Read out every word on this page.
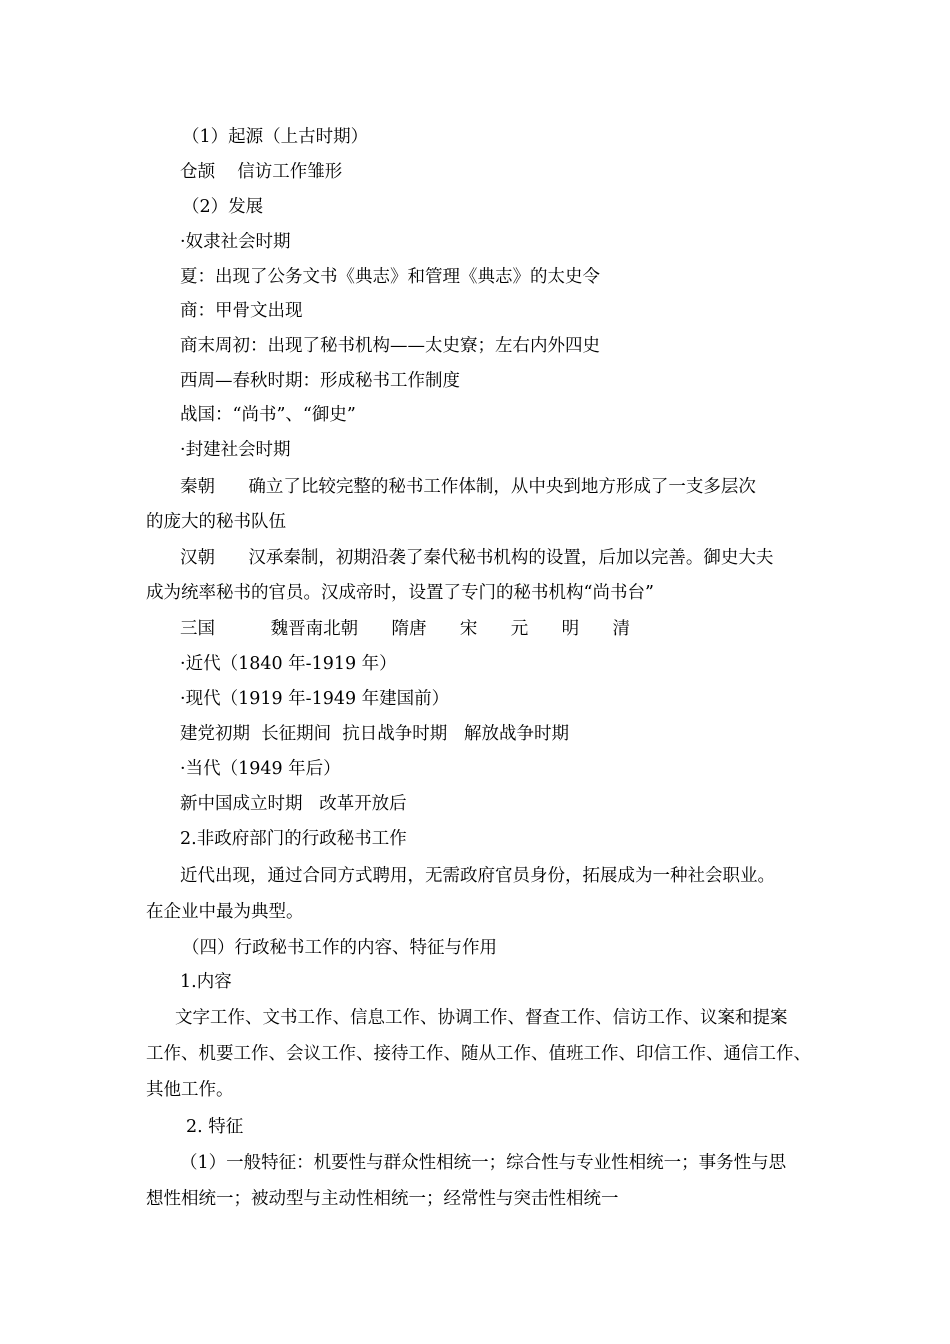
（1）起源（上古时期）
仓颉    信访工作雏形
（2）发展
·奴隶社会时期
夏：出现了公务文书《典志》和管理《典志》的太史令
商：甲骨文出现
商末周初：出现了秘书机构——太史寮；左右内外四史
西周—春秋时期：形成秘书工作制度
战国：“尚书”、“御史”
·封建社会时期
秦朝      确立了比较完整的秘书工作体制，从中央到地方形成了一支多层次
的庞大的秘书队伍
汉朝      汉承秦制，初期沿袭了秦代秘书机构的设置，后加以完善。御史大夫
成为统率秘书的官员。汉成帝时，设置了专门的秘书机构“尚书台”
三国          魏晋南北朝      隋唐      宋      元      明      清
·近代（1840 年-1919 年）
·现代（1919 年-1949 年建国前）
建党初期  长征期间  抗日战争时期   解放战争时期
·当代（1949 年后）
新中国成立时期   改革开放后
2.非政府部门的行政秘书工作
近代出现，通过合同方式聘用，无需政府官员身份，拓展成为一种社会职业。
在企业中最为典型。
（四）行政秘书工作的内容、特征与作用
1.内容
文字工作、文书工作、信息工作、协调工作、督查工作、信访工作、议案和提案
工作、机要工作、会议工作、接待工作、随从工作、值班工作、印信工作、通信工作、
其他工作。
2. 特征
（1）一般特征：机要性与群众性相统一；综合性与专业性相统一；事务性与思
想性相统一；被动型与主动性相统一；经常性与突击性相统一
